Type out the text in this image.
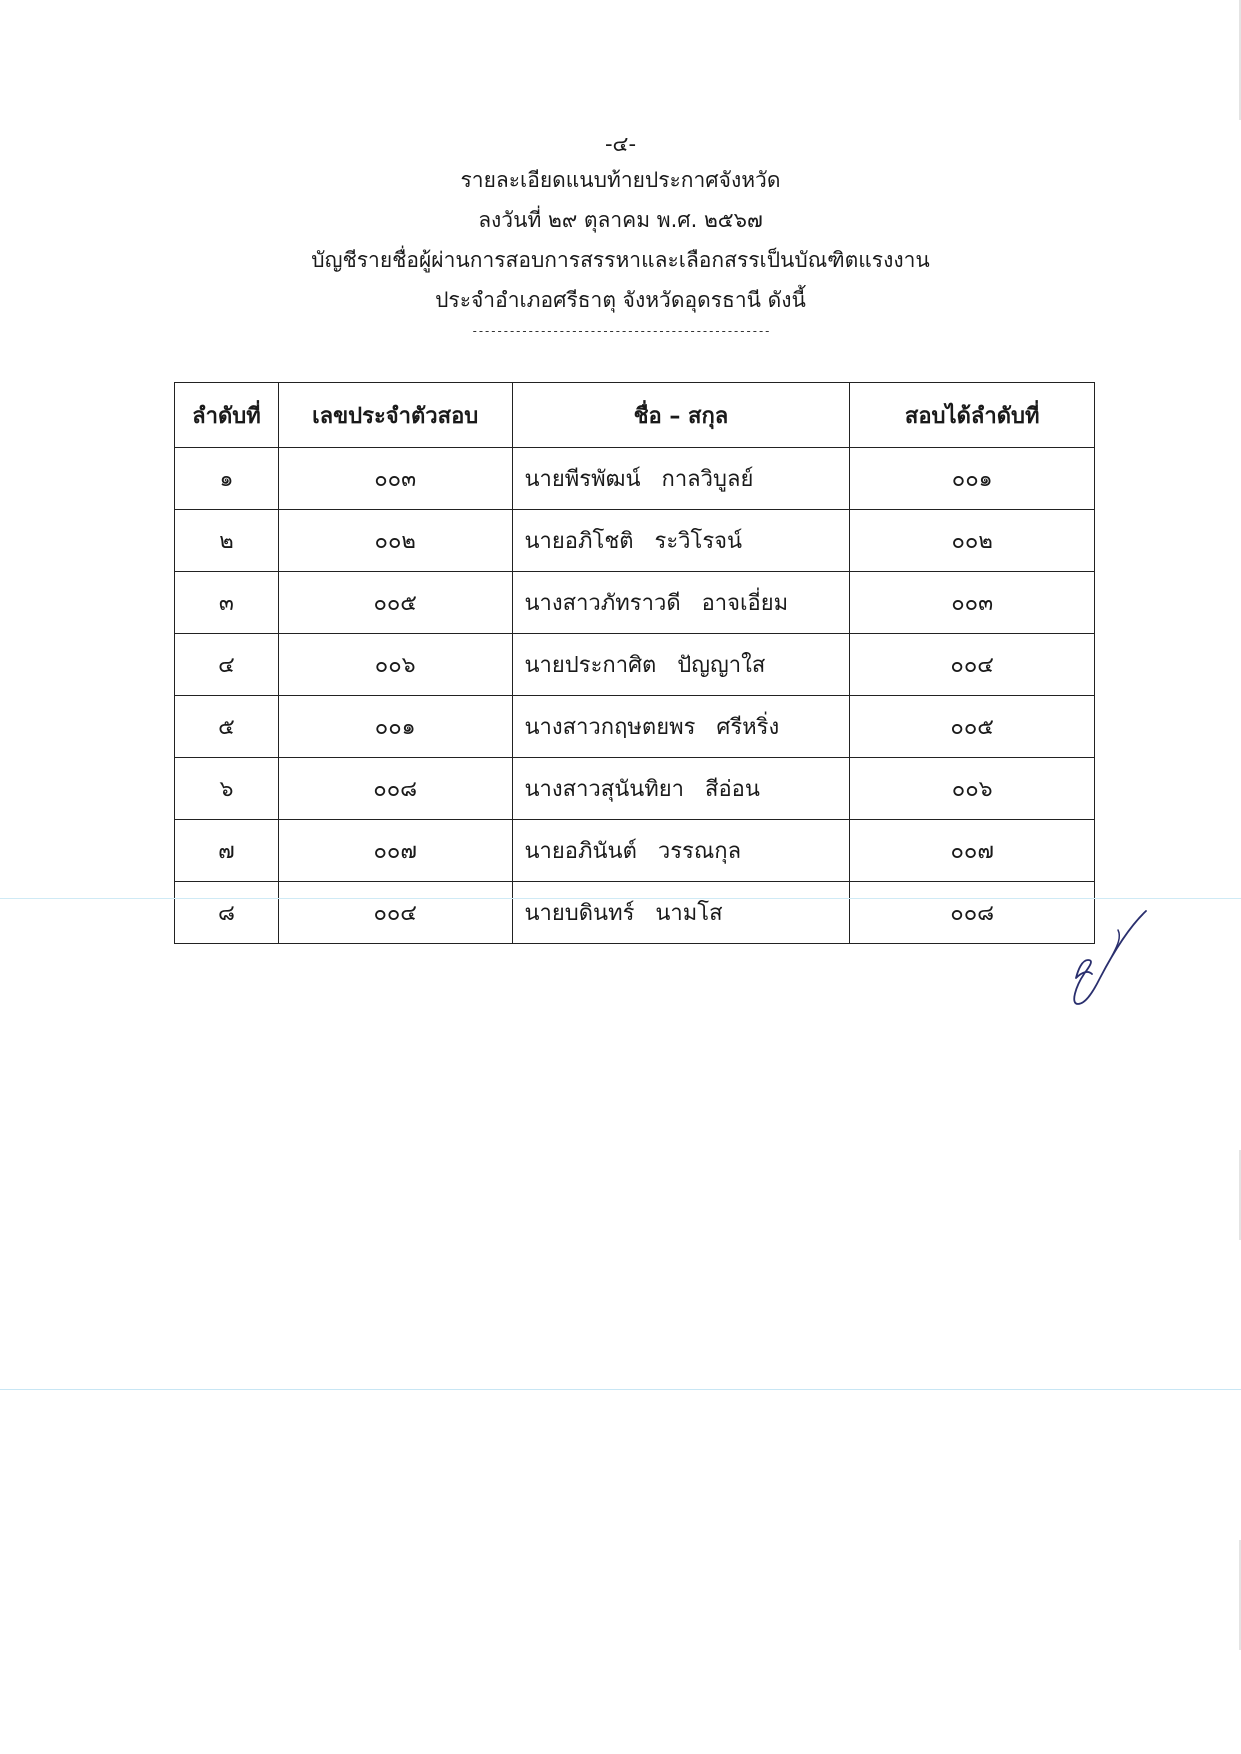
-๔-
รายละเอียดแนบท้ายประกาศจังหวัด
ลงวันที่ ๒๙ ตุลาคม พ.ศ. ๒๕๖๗
บัญชีรายชื่อผู้ผ่านการสอบการสรรหาและเลือกสรรเป็นบัณฑิตแรงงาน
ประจำอำเภอศรีธาตุ จังหวัดอุดรธานี ดังนี้
------------------------------------------------
ลำดับที่	เลขประจำตัวสอบ	ชื่อ – สกุล	สอบได้ลำดับที่
๑	๐๐๓	นายพีรพัฒน์   กาลวิบูลย์	๐๐๑
๒	๐๐๒	นายอภิโชติ   ระวิโรจน์	๐๐๒
๓	๐๐๕	นางสาวภัทราวดี   อาจเอี่ยม	๐๐๓
๔	๐๐๖	นายประกาศิต   ปัญญาใส	๐๐๔
๕	๐๐๑	นางสาวกฤษตยพร   ศรีหริ่ง	๐๐๕
๖	๐๐๘	นางสาวสุนันทิยา   สีอ่อน	๐๐๖
๗	๐๐๗	นายอภินันต์   วรรณกุล	๐๐๗
๘	๐๐๔	นายบดินทร์   นามโส	๐๐๘
